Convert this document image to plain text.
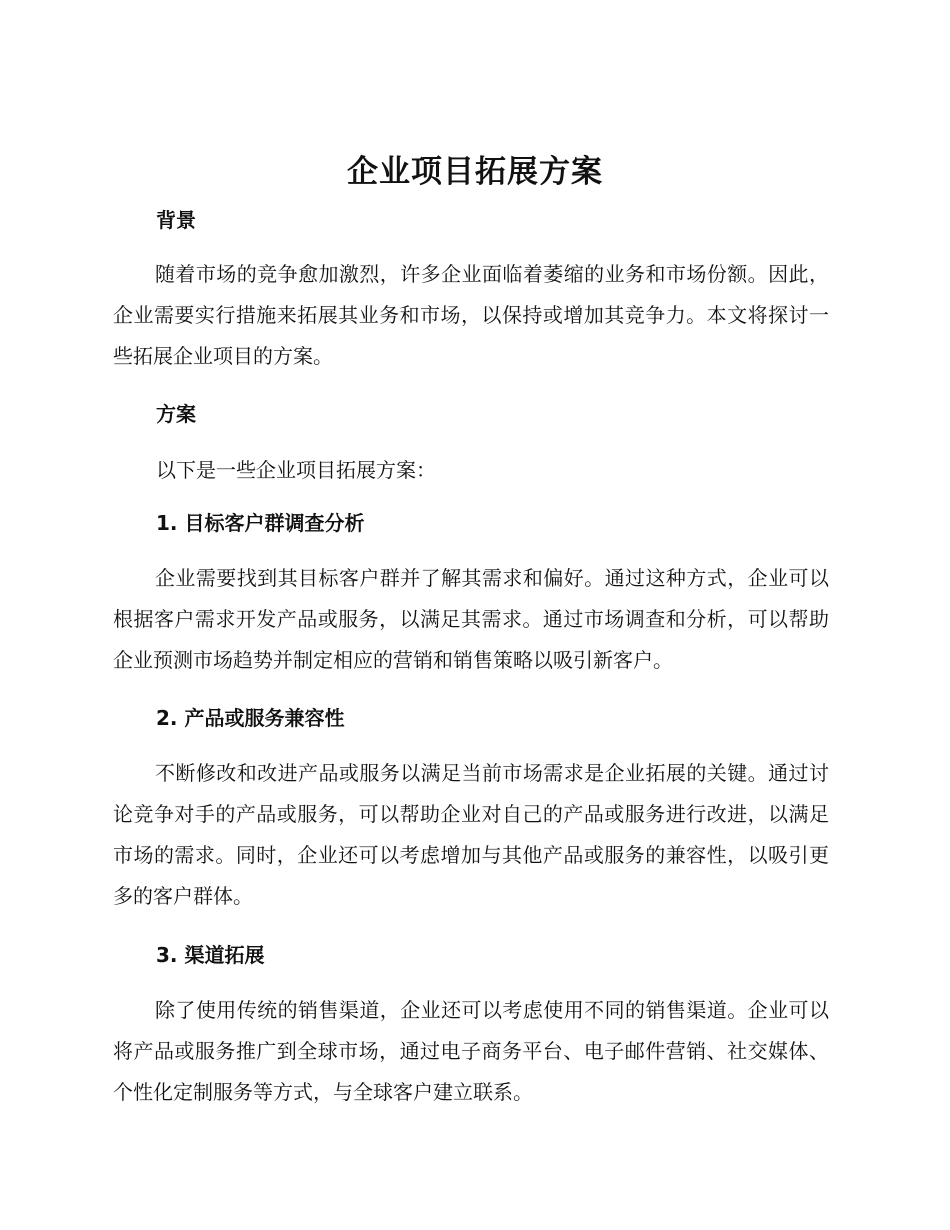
企业项目拓展方案
背景

随着市场的竞争愈加激烈，许多企业面临着萎缩的业务和市场份额。因此，企业需要实行措施来拓展其业务和市场，以保持或增加其竞争力。本文将探讨一些拓展企业项目的方案。

方案
以下是一些企业项目拓展方案：
1. 目标客户群调查分析

企业需要找到其目标客户群并了解其需求和偏好。通过这种方式，企业可以根据客户需求开发产品或服务，以满足其需求。通过市场调查和分析，可以帮助企业预测市场趋势并制定相应的营销和销售策略以吸引新客户。

2. 产品或服务兼容性

不断修改和改进产品或服务以满足当前市场需求是企业拓展的关键。通过讨论竞争对手的产品或服务，可以帮助企业对自己的产品或服务进行改进，以满足市场的需求。同时，企业还可以考虑增加与其他产品或服务的兼容性，以吸引更多的客户群体。

3. 渠道拓展

除了使用传统的销售渠道，企业还可以考虑使用不同的销售渠道。企业可以将产品或服务推广到全球市场，通过电子商务平台、电子邮件营销、社交媒体、个性化定制服务等方式，与全球客户建立联系。
